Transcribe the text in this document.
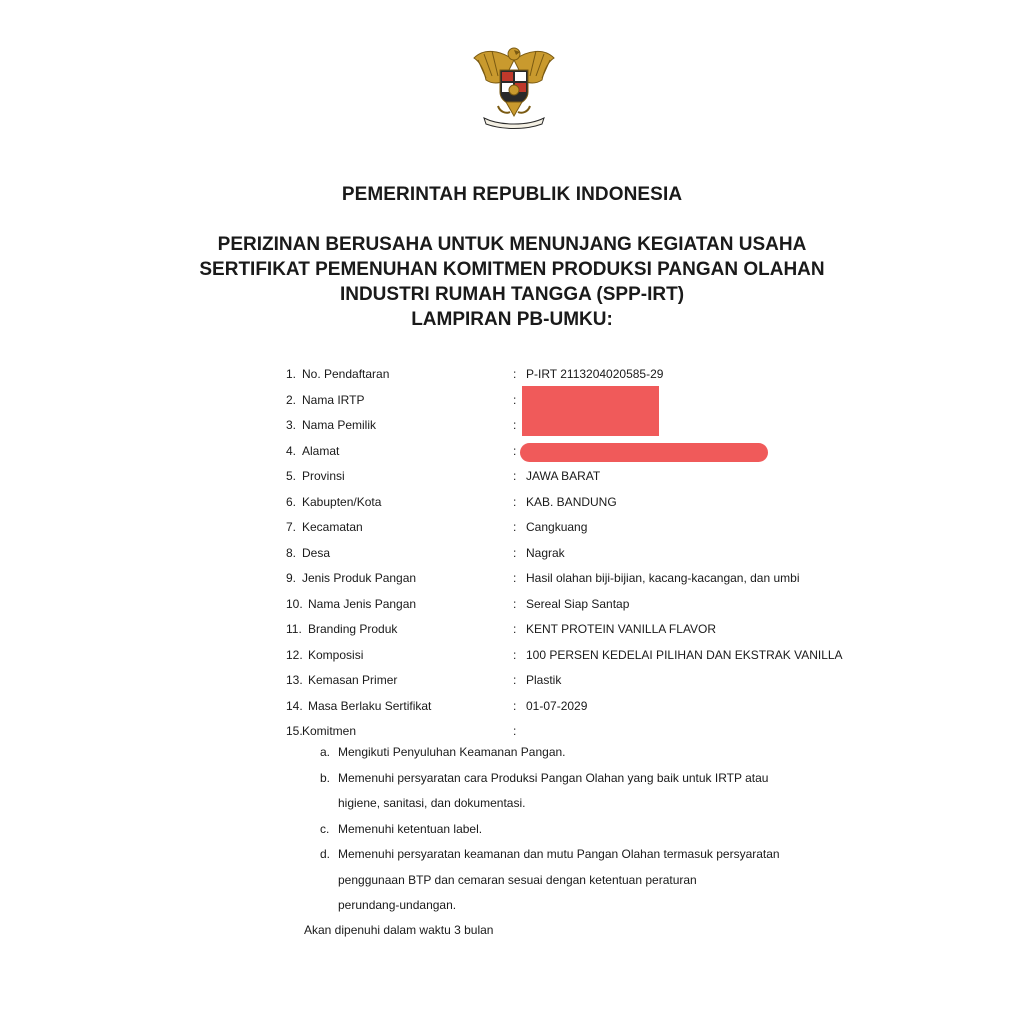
PEMERINTAH REPUBLIK INDONESIA
PERIZINAN BERUSAHA UNTUK MENUNJANG KEGIATAN USAHA
SERTIFIKAT PEMENUHAN KOMITMEN PRODUKSI PANGAN OLAHAN
INDUSTRI RUMAH TANGGA (SPP-IRT)
LAMPIRAN PB-UMKU:
1. No. Pendaftaran	: P-IRT 2113204020585-29
2. Nama IRTP	:
3. Nama Pemilik	:
4. Alamat	:
5. Provinsi	: JAWA BARAT
6. Kabupten/Kota	: KAB. BANDUNG
7. Kecamatan	: Cangkuang
8. Desa	: Nagrak
9. Jenis Produk Pangan	: Hasil olahan biji-bijian, kacang-kacangan, dan umbi
10. Nama Jenis Pangan	: Sereal Siap Santap
11. Branding Produk	: KENT PROTEIN VANILLA FLAVOR
12. Komposisi	: 100 PERSEN KEDELAI PILIHAN DAN EKSTRAK VANILLA
13. Kemasan Primer	: Plastik
14. Masa Berlaku Sertifikat	: 01-07-2029
15. Komitmen	:
a. Mengikuti Penyuluhan Keamanan Pangan.
b. Memenuhi persyaratan cara Produksi Pangan Olahan yang baik untuk IRTP atau
higiene, sanitasi, dan dokumentasi.
c. Memenuhi ketentuan label.
d. Memenuhi persyaratan keamanan dan mutu Pangan Olahan termasuk persyaratan
penggunaan BTP dan cemaran sesuai dengan ketentuan peraturan
perundang-undangan.
Akan dipenuhi dalam waktu 3 bulan
